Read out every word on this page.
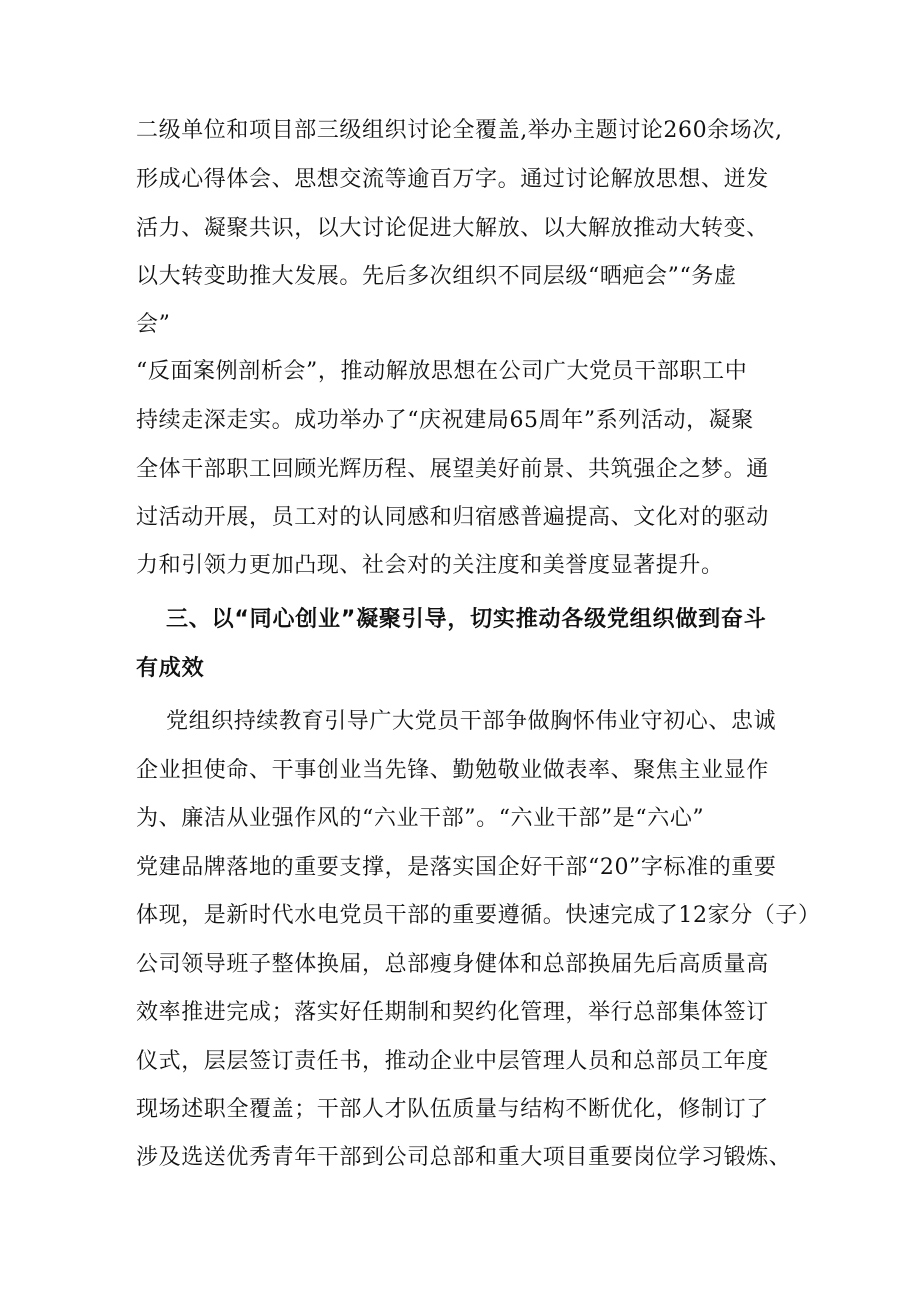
二级单位和项目部三级组织讨论全覆盖,举办主题讨论260余场次,
形成心得体会、思想交流等逾百万字。通过讨论解放思想、迸发
活力、凝聚共识，以大讨论促进大解放、以大解放推动大转变、
以大转变助推大发展。先后多次组织不同层级“晒疤会”“务虚
会”
“反面案例剖析会”，推动解放思想在公司广大党员干部职工中
持续走深走实。成功举办了“庆祝建局65周年”系列活动，凝聚
全体干部职工回顾光辉历程、展望美好前景、共筑强企之梦。通
过活动开展，员工对的认同感和归宿感普遍提高、文化对的驱动
力和引领力更加凸现、社会对的关注度和美誉度显著提升。
三、以“同心创业”凝聚引导，切实推动各级党组织做到奋斗
有成效
党组织持续教育引导广大党员干部争做胸怀伟业守初心、忠诚
企业担使命、干事创业当先锋、勤勉敬业做表率、聚焦主业显作
为、廉洁从业强作风的“六业干部”。“六业干部”是“六心”
党建品牌落地的重要支撑，是落实国企好干部“20”字标准的重要
体现，是新时代水电党员干部的重要遵循。快速完成了12家分（子）
公司领导班子整体换届，总部瘦身健体和总部换届先后高质量高
效率推进完成；落实好任期制和契约化管理，举行总部集体签订
仪式，层层签订责任书，推动企业中层管理人员和总部员工年度
现场述职全覆盖；干部人才队伍质量与结构不断优化，修制订了
涉及选送优秀青年干部到公司总部和重大项目重要岗位学习锻炼、
